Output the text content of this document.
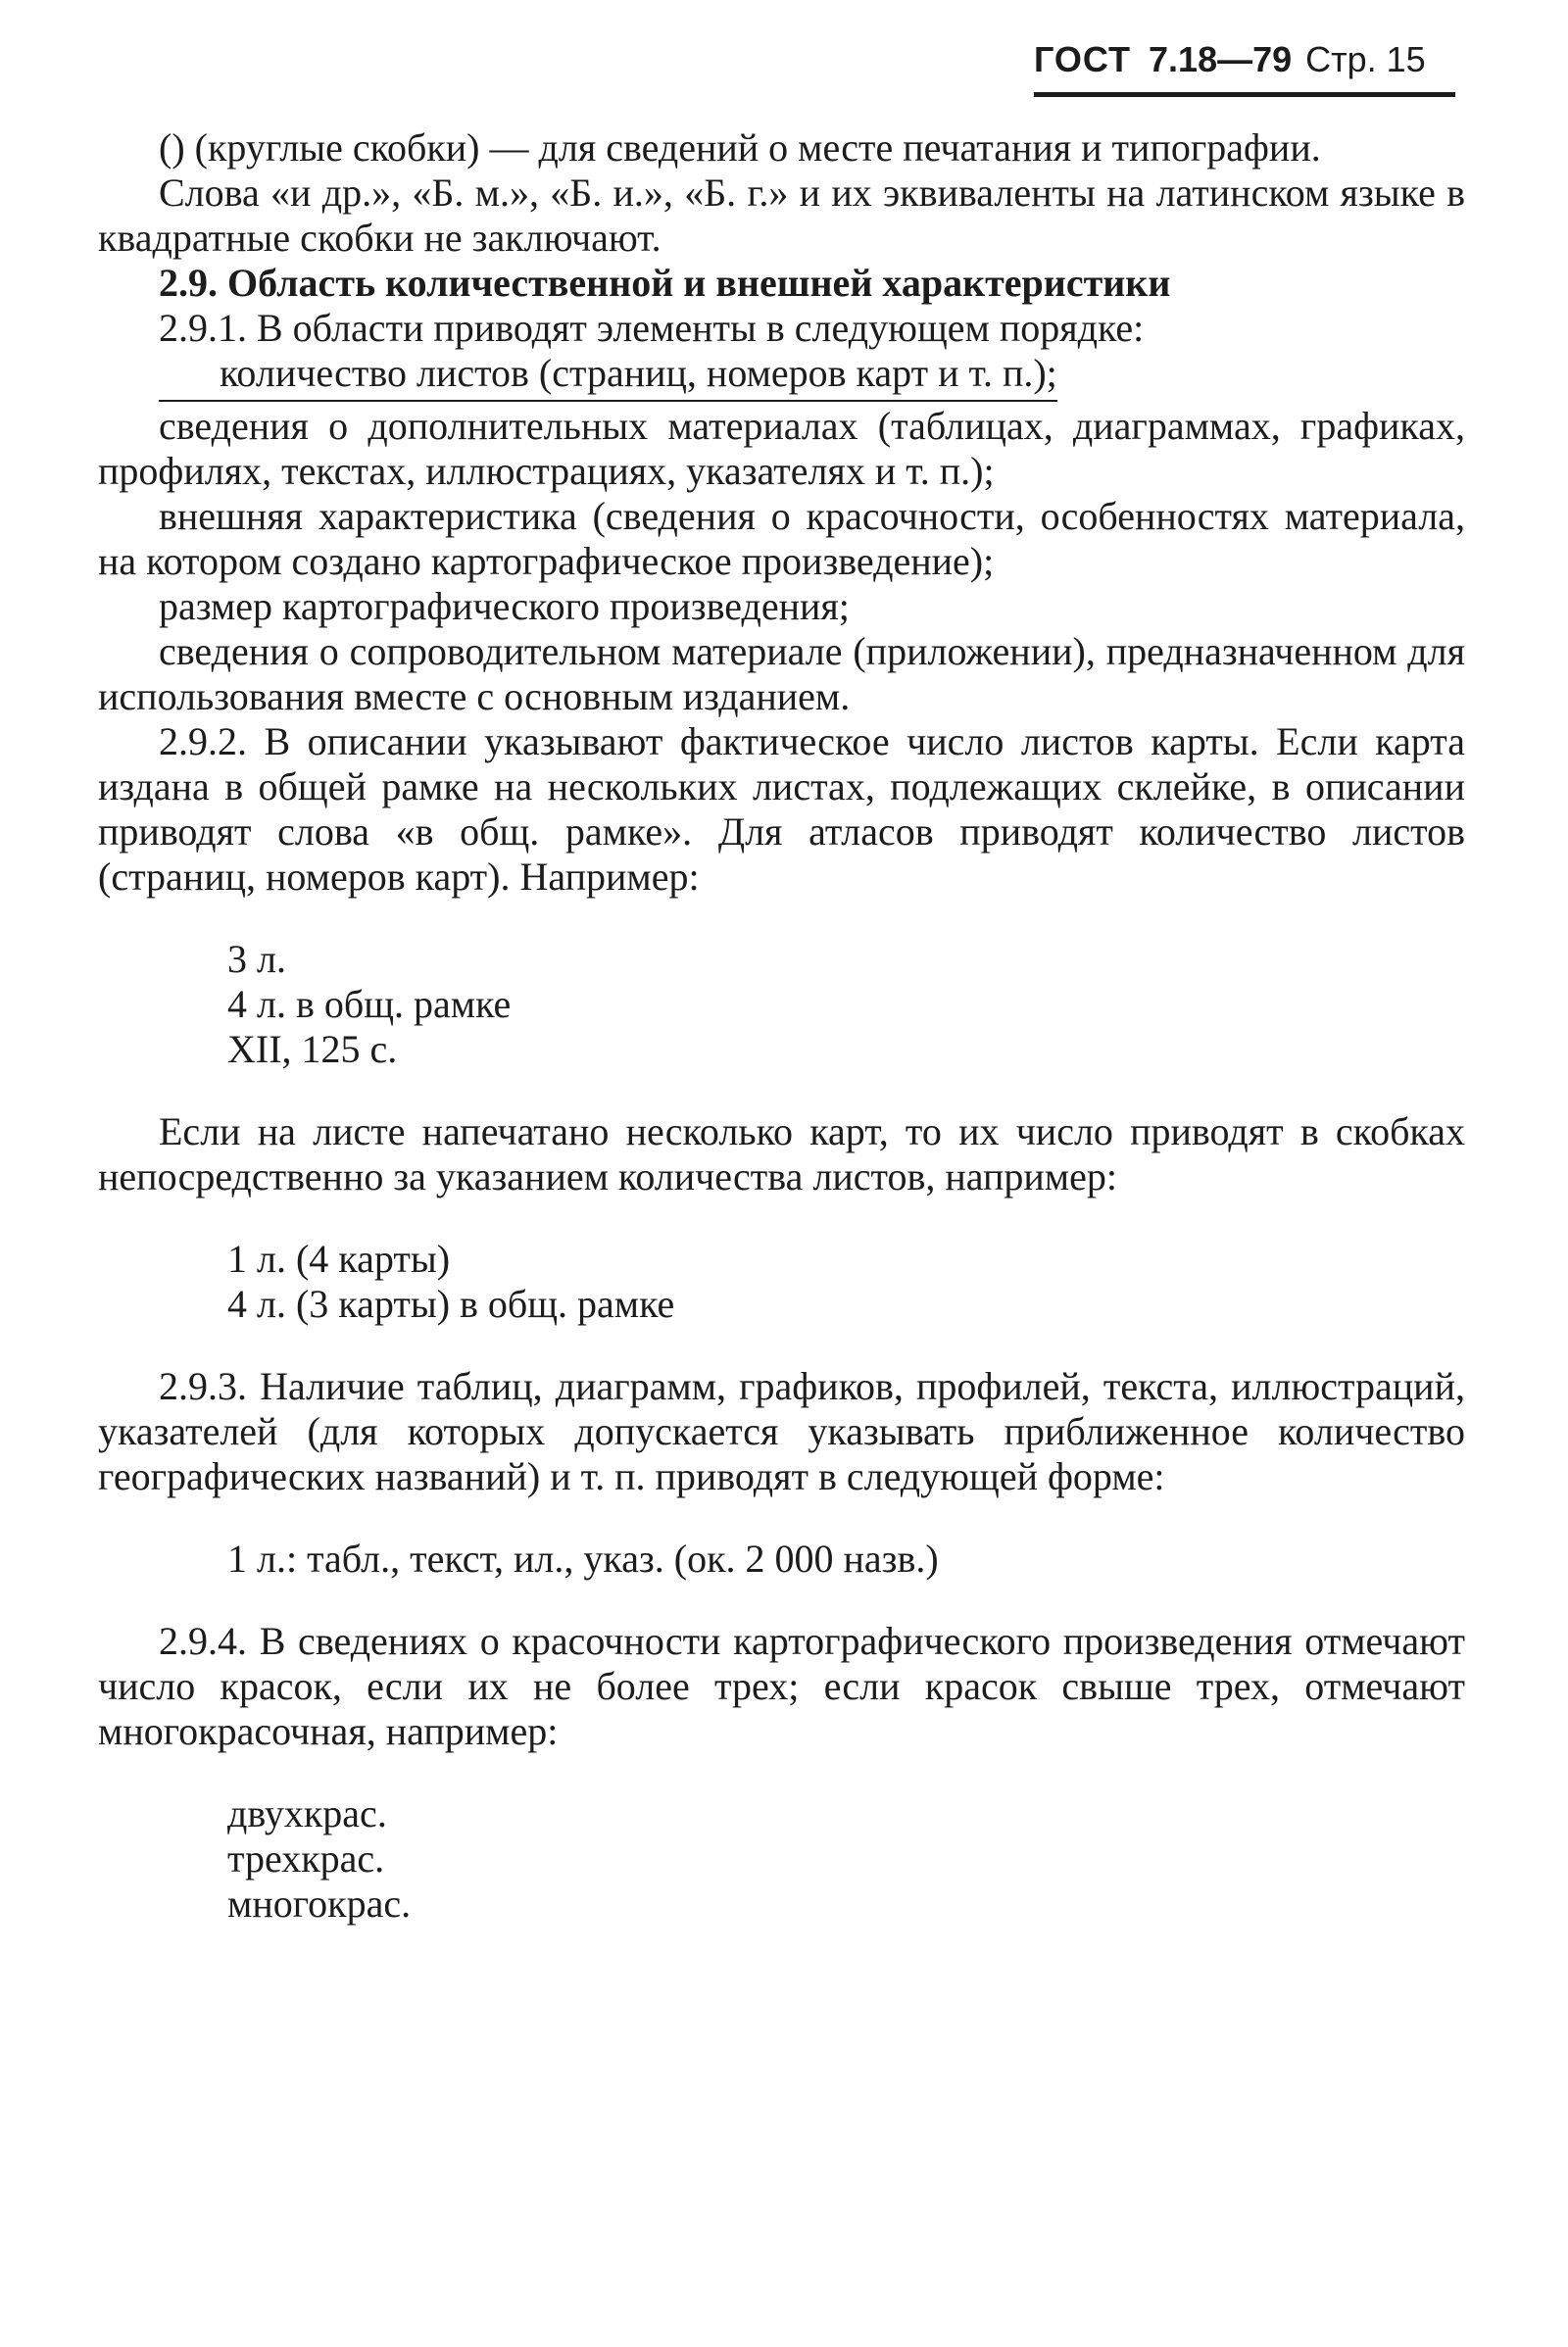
ГОСТ 7.18—79 Стр. 15

() (круглые скобки) — для сведений о месте печатания и типографии.

Слова «и др.», «Б. м.», «Б. и.», «Б. г.» и их эквиваленты на латинском языке в квадратные скобки не заключают.

2.9. Область количественной и внешней характеристики

2.9.1. В области приводят элементы в следующем порядке:

количество листов (страниц, номеров карт и т. п.);

сведения о дополнительных материалах (таблицах, диаграммах, графиках, профилях, текстах, иллюстрациях, указателях и т. п.);

внешняя характеристика (сведения о красочности, особенностях материала, на котором создано картографическое произведение);

размер картографического произведения;

сведения о сопроводительном материале (приложении), предназначенном для использования вместе с основным изданием.

2.9.2. В описании указывают фактическое число листов карты. Если карта издана в общей рамке на нескольких листах, подлежащих склейке, в описании приводят слова «в общ. рамке». Для атласов приводят количество листов (страниц, номеров карт). Например:

3 л.
4 л. в общ. рамке
XII, 125 с.

Если на листе напечатано несколько карт, то их число приводят в скобках непосредственно за указанием количества листов, например:

1 л. (4 карты)
4 л. (3 карты) в общ. рамке

2.9.3. Наличие таблиц, диаграмм, графиков, профилей, текста, иллюстраций, указателей (для которых допускается указывать приближенное количество географических названий) и т. п. приводят в следующей форме:

1 л.: табл., текст, ил., указ. (ок. 2 000 назв.)

2.9.4. В сведениях о красочности картографического произведения отмечают число красок, если их не более трех; если красок свыше трех, отмечают многокрасочная, например:

двухкрас.
трехкрас.
многокрас.
